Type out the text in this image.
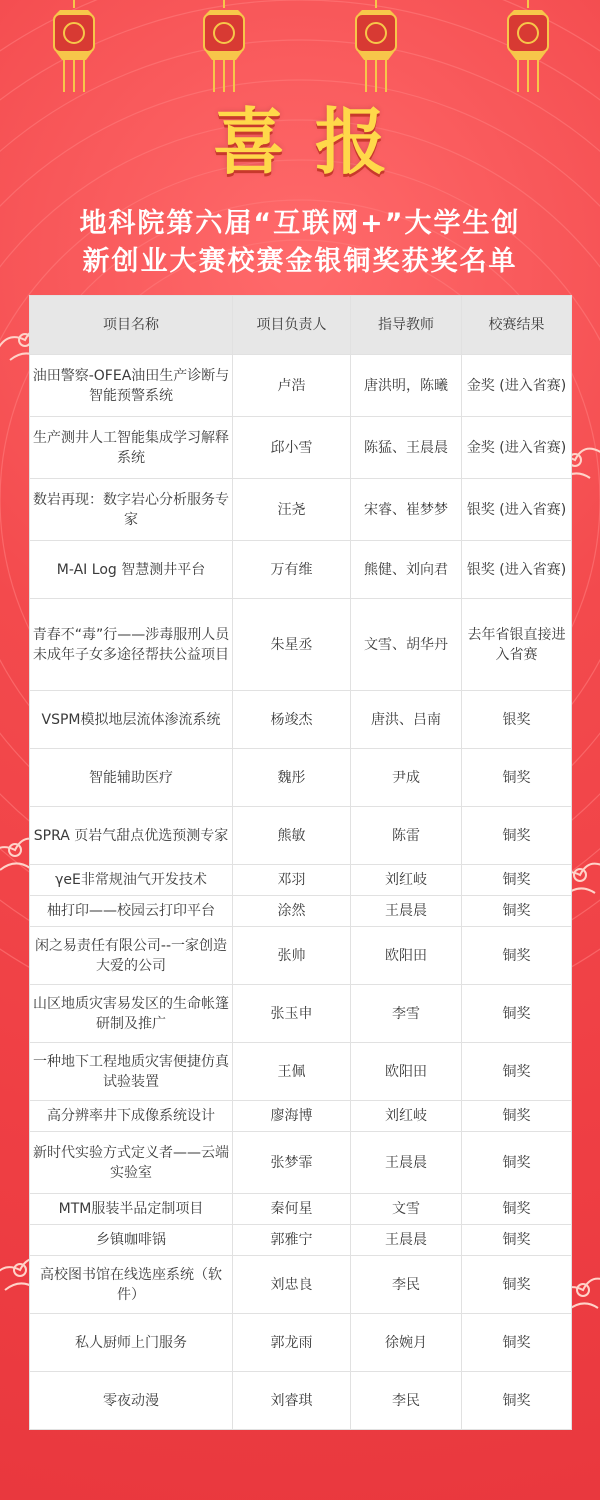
喜报
地科院第六届“互联网+”大学生创
新创业大赛校赛金银铜奖获奖名单
项目名称	项目负责人	指导教师	校赛结果
油田警察-OFEA油田生产诊断与智能预警系统	卢浩	唐洪明，陈曦	金奖 (进入省赛)
生产测井人工智能集成学习解释系统	邱小雪	陈猛、王晨晨	金奖 (进入省赛)
数岩再现：数字岩心分析服务专家	汪尧	宋睿、崔梦梦	银奖 (进入省赛)
M-AI Log 智慧测井平台	万有维	熊健、刘向君	银奖 (进入省赛)
青春不“毒”行——涉毒服刑人员未成年子女多途径帮扶公益项目	朱星丞	文雪、胡华丹	去年省银直接进入省赛
VSPM模拟地层流体渗流系统	杨竣杰	唐洪、吕南	银奖
智能辅助医疗	魏彤	尹成	铜奖
SPRA 页岩气甜点优选预测专家	熊敏	陈雷	铜奖
γeE非常规油气开发技术	邓羽	刘红岐	铜奖
柚打印——校园云打印平台	涂然	王晨晨	铜奖
闲之易责任有限公司--一家创造大爱的公司	张帅	欧阳田	铜奖
山区地质灾害易发区的生命帐篷研制及推广	张玉申	李雪	铜奖
一种地下工程地质灾害便捷仿真试验装置	王佩	欧阳田	铜奖
高分辨率井下成像系统设计	廖海博	刘红岐	铜奖
新时代实验方式定义者——云端实验室	张梦霏	王晨晨	铜奖
MTM服装半品定制项目	秦何星	文雪	铜奖
乡镇咖啡锅	郭雅宁	王晨晨	铜奖
高校图书馆在线选座系统（软件）	刘忠良	李民	铜奖
私人厨师上门服务	郭龙雨	徐婉月	铜奖
零夜动漫	刘睿琪	李民	铜奖
